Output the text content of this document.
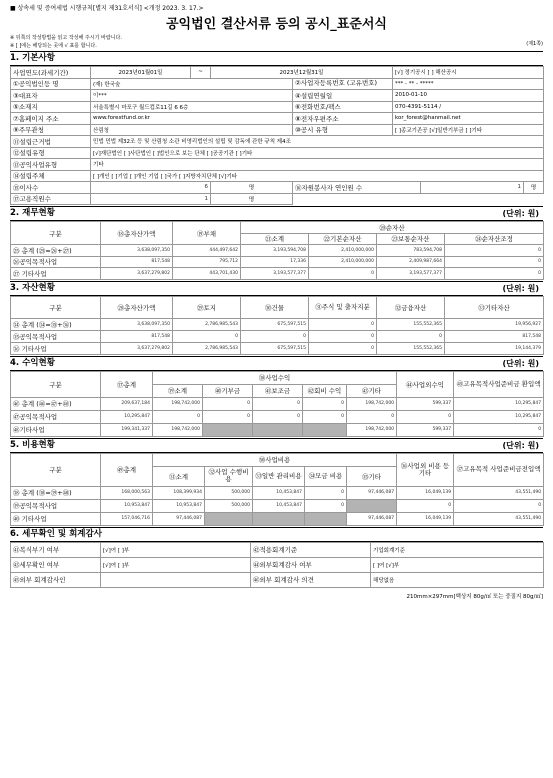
■ 상속세 및 증여세법 시행규칙[별지 제31호서식] <개정 2023. 3. 17.>
공익법인 결산서류 등의 공시_표준서식
※ 뒤쪽의 작성방법을 읽고 작성해 주시기 바랍니다.
※ [ ]에는 해당되는 곳에 √ 표를 합니다.	(제1쪽)
1. 기본사항
사업연도(과세기간)	2023년01월01일	~	2023년12월31일		[√] 정기공시 [ ] 해산공시		
①공익법인등 명	(재) 한국숲			②사업자등록번호 (고유번호)	*** - ** - *****		
③대표자	이***			④설립연월일	2010-01-10		
⑤소재지	서울특별시 마포구 월드컵로11길 6 6층			⑥전화번호/팩스	070-4391-5114 /		
⑦홈페이지 주소	www.forestfund.or.kr			⑧전자우편주소	kor_forest@hanmail.net		
⑨주무관청	산림청			⑩공시 유형	[ ]종교기존공 [√]일반기부금 [ ]기타		
⑪설립근거법	민법 민법 제32조 등 및 산림청 소관 비영리법인의 설립 및 감독에 관한 규칙 제4조						
⑫설립유형	[√]재단법인 [ ]사단법인 [ ]법인으로 보는 단체 [ ]공공기관 [ ]기타						
⑬공익사업유형	기타						
⑭설립주체	[ ]개인 [ ]기업 [ ]개인 기업 [ ]국가 [ ]지방자치단체 [√]기타						
⑮이사수	6		명	⑯자원봉사자 연인원 수		1	명
⑰고용직원수	1		명				
2. 재무현황	(단위: 원)
구분	⑱총자산가액	⑲부채	⑳순자산			
			㉑소계	㉒기본순자산	㉓보통순자산	㉔순자산조정
㉕ 총계 (㉕=㉖+㉗)	3,638,097,350	444,497,642	3,193,594,708	2,410,000,000	783,594,708	0
㉖공익목적사업	817,548	795,712	17,336	2,410,000,000	2,409,987,664	0
㉗ 기타사업	3,637,279,802	443,701,430	3,193,577,377	0	3,193,577,377	0
3. 자산현황	(단위: 원)
구분	㉘총자산가액	㉙토지	㉚건물	㉛주식 및 출자지분	㉜금융자산	㉝기타자산
㉞ 총계 (㉞=㉟+㊱)	3,638,097,350	2,786,985,543	675,597,515	0	155,552,365	19,956,927
㉟공익목적사업	817,548	0	0	0	0	817,548
㊱ 기타사업	3,637,279,802	2,786,985,543	675,597,515	0	155,552,365	19,144,379
4. 수익현황	(단위: 원)
구분	㊲총계	㊳사업수익					㊹사업외수익	㊺고유목적사업준비금 환입액
		㊴소계	㊵기부금	㊶보조금	㊷회비 수익	㊸기타		
㊻ 총계 (㊻=㊼+㊽)	209,637,184	198,742,000	0	0	0	198,742,000	599,337	10,295,847
㊼공익목적사업	10,295,847	0	0	0	0	0	0	10,295,847
㊽기타사업	199,341,337	198,742,000				198,742,000	599,337	0
5. 비용현황	(단위: 원)
구분	㊾총계	㊿사업비용					㊱사업외 비용 등 기타	㊲고유목적 사업준비금전입액
		㉛소계	㉜사업 수행비용	㉝일반 관리비용	㉞모금 비용	㉟기타		
㊳ 총계 (㊳=㊴+㊵)	168,000,563	108,399,934	500,000	10,453,847	0	97,446,087	16,049,139	43,551,490
㊴공익목적사업	10,953,847	10,953,847	500,000	10,453,847	0		0	0
㊵ 기타사업	157,046,716	97,446,087				97,446,087	16,049,139	43,551,490
6. 세무확인 및 회계감사
㊶복식부기 여부	[√]여 [ ]부	㊷적용회계기준	기업회계기준
㊸세무확인 여부	[√]여 [ ]부	㊹외부회계감사 여부	[ ]여 [√]부
㊺외부 회계감사인		㊻외부 회계감사 의견	해당없음
210mm×297mm[백상지 80g/㎡ 또는 중질지 80g/㎡]
